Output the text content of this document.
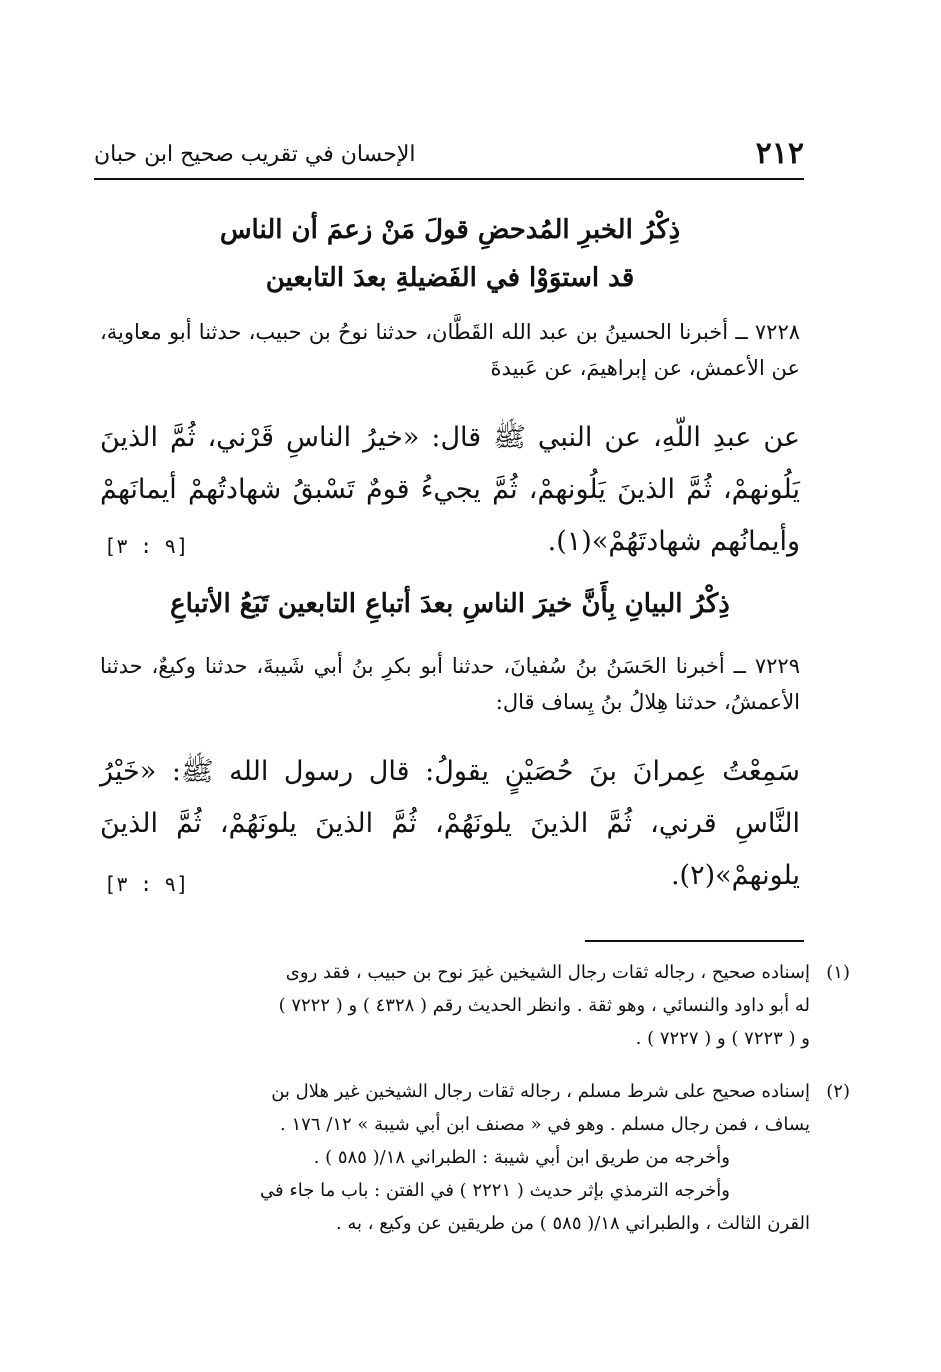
٢١٢
الإحسان في تقريب صحيح ابن حبان
ذِكْرُ الخبرِ المُدحضِ قولَ مَنْ زعمَ أن الناس
قد استوَوْا في الفَضيلةِ بعدَ التابعين
٧٢٢٨ ــ أخبرنا الحسينُ بن عبد الله القَطَّان، حدثنا نوحُ بن حبيب، حدثنا أبو معاوية، عن الأعمش، عن إبراهيمَ، عن عَبيدةَ
عن عبدِ اللّهِ، عن النبي ﷺ قال: «خيرُ الناسِ قَرْني، ثُمَّ الذينَ يَلُونهمْ، ثُمَّ الذينَ يَلُونهمْ، ثُمَّ يجيءُ قومٌ تَسْبقُ شهادتُهمْ أيمانَهمْ وأيمانُهم شهادتَهُمْ»(١).
[٩ : ٣]
ذِكْرُ البيانِ بِأَنَّ خيرَ الناسِ بعدَ أتباعِ التابعين تَبَعُ الأتباعِ
٧٢٢٩ ــ أخبرنا الحَسَنُ بنُ سُفيانَ، حدثنا أبو بكرِ بنُ أبي شَيبةَ، حدثنا وكيعٌ، حدثنا الأعمشُ، حدثنا هِلالُ بنُ يِساف قال:
سَمِعْتُ عِمرانَ بنَ حُصَيْنٍ يقولُ: قال رسول الله ﷺ: «خَيْرُ النَّاسِ قرني، ثُمَّ الذينَ يلونَهُمْ، ثُمَّ الذينَ يلونَهُمْ، ثُمَّ الذينَ يلونهمْ»(٢).
[٩ : ٣]
(١)
إسناده صحيح ، رجاله ثقات رجال الشيخين غيرَ نوح بن حبيب ، فقد روى
له أبو داود والنسائي ، وهو ثقة . وانظر الحديث رقم ( ٤٣٢٨ ) و ( ٧٢٢٢ )
و ( ٧٢٢٣ ) و ( ٧٢٢٧ ) .
(٢)
إسناده صحيح على شرط مسلم ، رجاله ثقات رجال الشيخين غير هلال بن
يساف ، فمن رجال مسلم . وهو في « مصنف ابن أبي شيبة » ١٢/ ١٧٦ .
وأخرجه من طريق ابن أبي شيبة : الطبراني ١٨/( ٥٨٥ ) .
وأخرجه الترمذي بإثر حديث ( ٢٢٢١ ) في الفتن : باب ما جاء في
القرن الثالث ، والطبراني ١٨/( ٥٨٥ ) من طريقين عن وكيع ، به .
